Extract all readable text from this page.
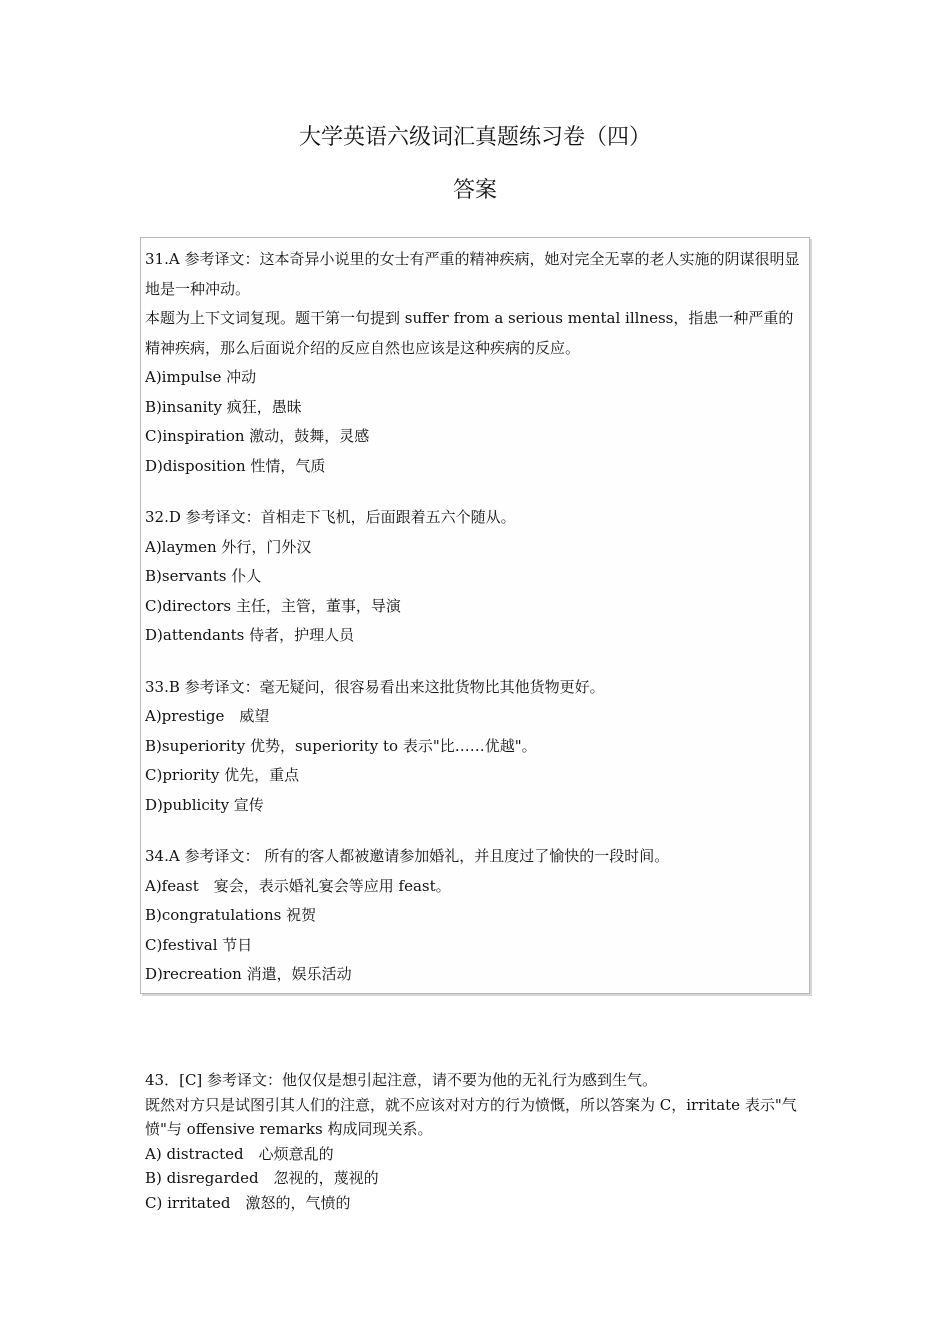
大学英语六级词汇真题练习卷（四）
答案

31.A 参考译文：这本奇异小说里的女士有严重的精神疾病，她对完全无辜的老人实施的阴谋很明显地是一种冲动。

本题为上下文词复现。题干第一句提到 suffer from a serious mental illness，指患一种严重的精神疾病，那么后面说介绍的反应自然也应该是这种疾病的反应。

A)impulse 冲动

B)insanity 疯狂，愚昧

C)inspiration 激动，鼓舞，灵感

D)disposition 性情，气质

32.D 参考译文：首相走下飞机，后面跟着五六个随从。

A)laymen 外行，门外汉

B)servants 仆人

C)directors 主任，主管，董事，导演

D)attendants 侍者，护理人员

33.B 参考译文：毫无疑问，很容易看出来这批货物比其他货物更好。

A)prestige　威望

B)superiority 优势，superiority to 表示"比……优越"。

C)priority 优先，重点

D)publicity 宣传

34.A 参考译文： 所有的客人都被邀请参加婚礼，并且度过了愉快的一段时间。

A)feast　宴会，表示婚礼宴会等应用 feast。

B)congratulations 祝贺

C)festival 节日

D)recreation 消遣，娱乐活动

43．[C] 参考译文：他仅仅是想引起注意，请不要为他的无礼行为感到生气。

既然对方只是试图引其人们的注意，就不应该对对方的行为愤慨，所以答案为 C，irritate 表示"气愤"与 offensive remarks 构成同现关系。

A) distracted　心烦意乱的

B) disregarded　忽视的，蔑视的

C) irritated　激怒的，气愤的
